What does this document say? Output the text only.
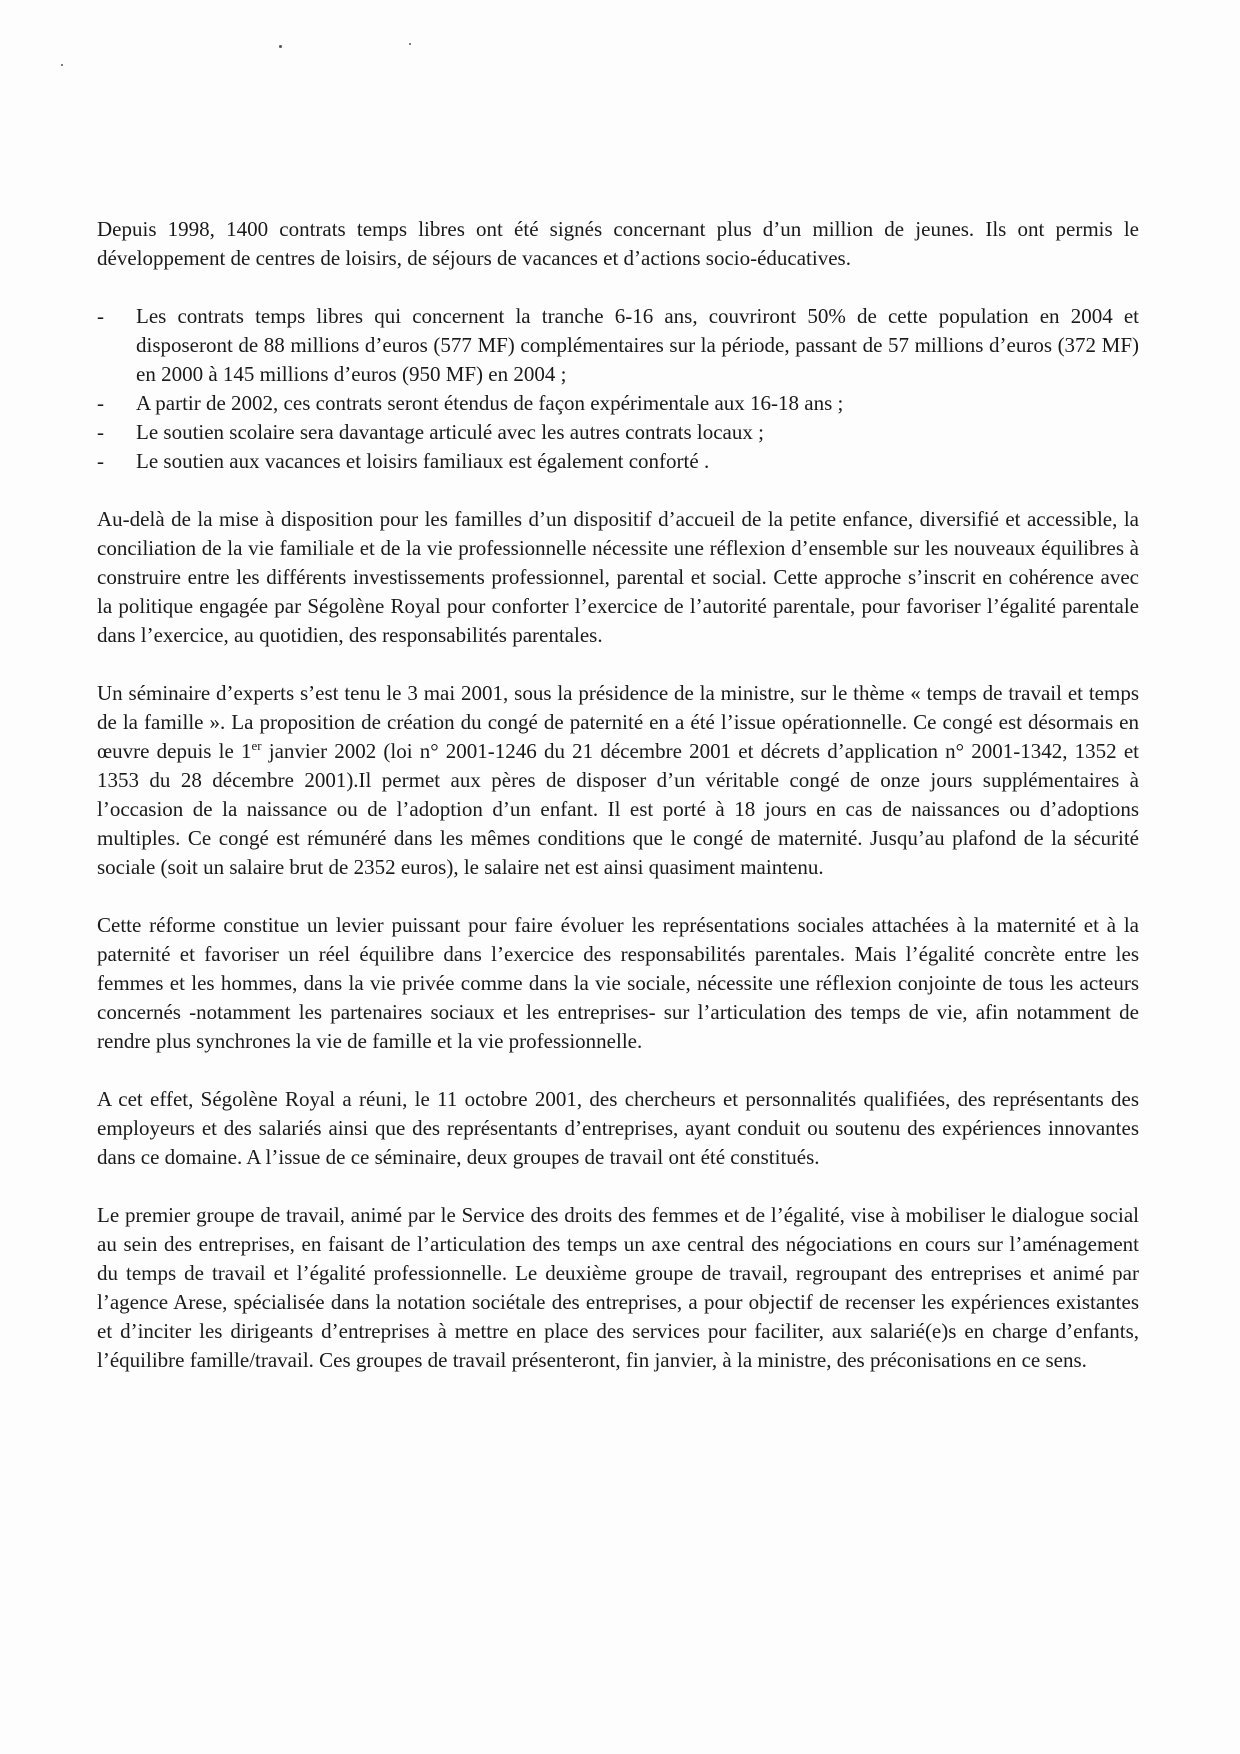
Depuis 1998, 1400 contrats temps libres ont été signés concernant plus d’un million de jeunes. Ils ont permis le développement de centres de loisirs, de séjours de vacances et d’actions socio-éducatives.

- Les contrats temps libres qui concernent la tranche 6-16 ans, couvriront 50% de cette population en 2004 et disposeront de 88 millions d’euros (577 MF) complémentaires sur la période, passant de 57 millions d’euros (372 MF) en 2000 à 145 millions d’euros (950 MF) en 2004 ;
- A partir de 2002, ces contrats seront étendus de façon expérimentale aux 16-18 ans ;
- Le soutien scolaire sera davantage articulé avec les autres contrats locaux ;
- Le soutien aux vacances et loisirs familiaux est également conforté .

Au-delà de la mise à disposition pour les familles d’un dispositif d’accueil de la petite enfance, diversifié et accessible, la conciliation de la vie familiale et de la vie professionnelle nécessite une réflexion d’ensemble sur les nouveaux équilibres à construire entre les différents investissements professionnel, parental et social. Cette approche s’inscrit en cohérence avec la politique engagée par Ségolène Royal pour conforter l’exercice de l’autorité parentale, pour favoriser l’égalité parentale dans l’exercice, au quotidien, des responsabilités parentales.

Un séminaire d’experts s’est tenu le 3 mai 2001, sous la présidence de la ministre, sur le thème « temps de travail et temps de la famille ». La proposition de création du congé de paternité en a été l’issue opérationnelle. Ce congé est désormais en œuvre depuis le 1er janvier 2002 (loi n° 2001-1246 du 21 décembre 2001 et décrets d’application n° 2001-1342, 1352 et 1353 du 28 décembre 2001).Il permet aux pères de disposer d’un véritable congé de onze jours supplémentaires à l’occasion de la naissance ou de l’adoption d’un enfant. Il est porté à 18 jours en cas de naissances ou d’adoptions multiples. Ce congé est rémunéré dans les mêmes conditions que le congé de maternité. Jusqu’au plafond de la sécurité sociale (soit un salaire brut de 2352 euros), le salaire net est ainsi quasiment maintenu.

Cette réforme constitue un levier puissant pour faire évoluer les représentations sociales attachées à la maternité et à la paternité et favoriser un réel équilibre dans l’exercice des responsabilités parentales. Mais l’égalité concrète entre les femmes et les hommes, dans la vie privée comme dans la vie sociale, nécessite une réflexion conjointe de tous les acteurs concernés -notamment les partenaires sociaux et les entreprises- sur l’articulation des temps de vie, afin notamment de rendre plus synchrones la vie de famille et la vie professionnelle.

A cet effet, Ségolène Royal a réuni, le 11 octobre 2001, des chercheurs et personnalités qualifiées, des représentants des employeurs et des salariés ainsi que des représentants d’entreprises, ayant conduit ou soutenu des expériences innovantes dans ce domaine. A l’issue de ce séminaire, deux groupes de travail ont été constitués.

Le premier groupe de travail, animé par le Service des droits des femmes et de l’égalité, vise à mobiliser le dialogue social au sein des entreprises, en faisant de l’articulation des temps un axe central des négociations en cours sur l’aménagement du temps de travail et l’égalité professionnelle. Le deuxième groupe de travail, regroupant des entreprises et animé par l’agence Arese, spécialisée dans la notation sociétale des entreprises, a pour objectif de recenser les expériences existantes et d’inciter les dirigeants d’entreprises à mettre en place des services pour faciliter, aux salarié(e)s en charge d’enfants, l’équilibre famille/travail. Ces groupes de travail présenteront, fin janvier, à la ministre, des préconisations en ce sens.
